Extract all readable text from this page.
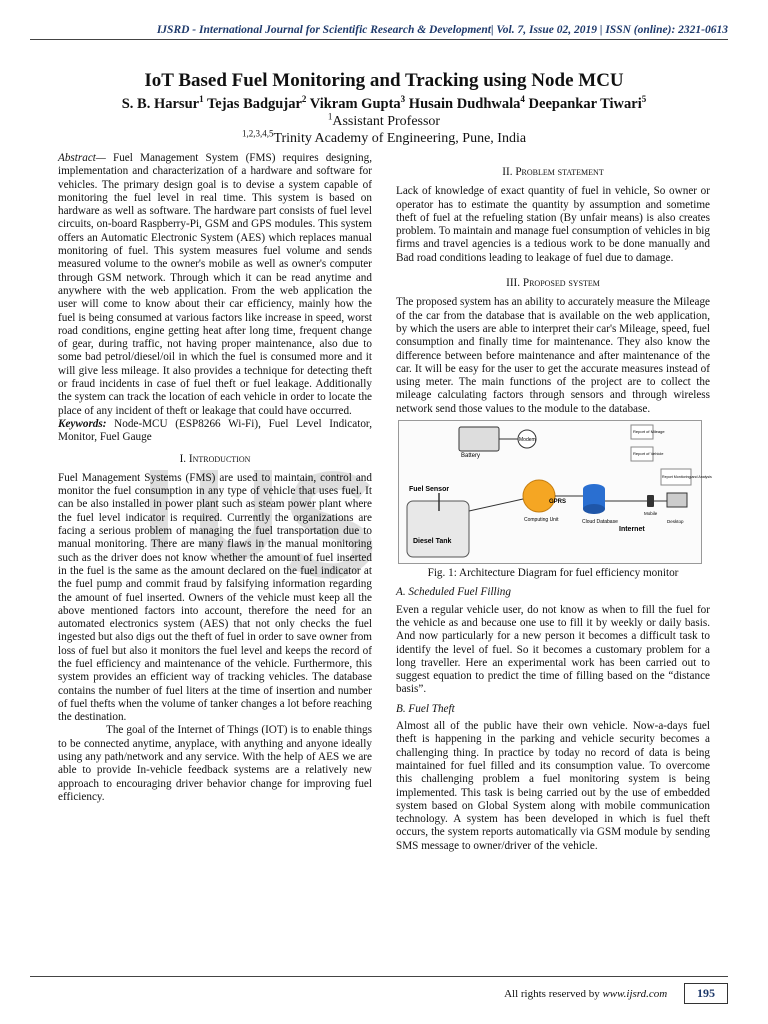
IJSRD - International Journal for Scientific Research & Development| Vol. 7, Issue 02, 2019 | ISSN (online): 2321-0613
IoT Based Fuel Monitoring and Tracking using Node MCU
S. B. Harsur$^1$ Tejas Badgujar$^2$ Vikram Gupta$^3$ Husain Dudhwala$^4$ Deepankar Tiwari$^5$
$^1$Assistant Professor
$^{1,2,3,4,5}$Trinity Academy of Engineering, Pune, India

Abstract— Fuel Management System (FMS) requires designing, implementation and characterization of a hardware and software for vehicles. The primary design goal is to devise a system capable of monitoring the fuel level in real time. This system is based on hardware as well as software. The hardware part consists of fuel level circuits, on-board Raspberry-Pi, GSM and GPS modules. This system offers an Automatic Electronic System (AES) which replaces manual monitoring of fuel. This system measures fuel volume and sends measured volume to the owner's mobile as well as owner's computer through GSM network. Through which it can be read anytime and anywhere with the web application. From the web application the user will come to know about their car efficiency, mainly how the fuel is being consumed at various factors like increase in speed, worst road conditions, engine getting heat after long time, frequent change of gear, during traffic, not having proper maintenance, also due to some bad petrol/diesel/oil in which the fuel is consumed more and it will give less mileage. It also provides a technique for detecting theft or fraud incidents in case of fuel theft or fuel leakage. Additionally the system can track the location of each vehicle in order to locate the place of any incident of theft or leakage that could have occurred.

Keywords: Node-MCU (ESP8266 Wi-Fi), Fuel Level Indicator, Monitor, Fuel Gauge

I. Introduction

Fuel Management Systems (FMS) are used to maintain, control and monitor the fuel consumption in any type of vehicle that uses fuel. It can be also installed in power plant such as steam power plant where the fuel level indicator is required. Currently the organizations are facing a serious problem of managing the fuel transportation due to manual monitoring. There are many flaws in the manual monitoring such as the driver does not know whether the amount of fuel inserted in the fuel is the same as the amount declared on the fuel indicator at the fuel pump and commit fraud by falsifying information regarding the amount of fuel inserted. Owners of the vehicle must keep all the above mentioned factors into account, therefore the need for an automated electronics system (AES) that not only checks the fuel ingested but also digs out the theft of fuel in order to save owner from loss of fuel but also it monitors the fuel level and keeps the record of the fuel efficiency and maintenance of the vehicle. Furthermore, this system provides an efficient way of tracking vehicles. The database contains the number of fuel liters at the time of insertion and number of fuel thefts when the volume of tanker changes a lot before reaching the destination.

The goal of the Internet of Things (IOT) is to enable things to be connected anytime, anyplace, with anything and anyone ideally using any path/network and any service. With the help of AES we are able to provide In-vehicle feedback systems are a relatively new approach to encouraging driver behavior change for improving fuel efficiency.

II. Problem statement

Lack of knowledge of exact quantity of fuel in vehicle, So owner or operator has to estimate the quantity by assumption and sometime theft of fuel at the refueling station (By unfair means) is also creates problem. To maintain and manage fuel consumption of vehicles in big firms and travel agencies is a tedious work to be done manually and Bad road conditions leading to leakage of fuel due to damage.

III. Proposed system

The proposed system has an ability to accurately measure the Mileage of the car from the database that is available on the web application, by which the users are able to interpret their car's Mileage, speed, fuel consumption and finally time for maintenance. They also know the difference between before maintenance and after maintenance of the car. It will be easy for the user to get the accurate measures instead of using meter. The main functions of the project are to collect the mileage calculating factors through sensors and through wireless network send those values to the module to the database.

Battery
Diesel Tank
Fuel Sensor
Computing Unit
Modem
GPRS
Cloud Database
Internet
Report of Mileage
Report of Vehicle
Report Monitoring and Analysis
Mobile
Desktop
Fig. 1: Architecture Diagram for fuel efficiency monitor
A. Scheduled Fuel Filling

Even a regular vehicle user, do not know as when to fill the fuel for the vehicle as and because one use to fill it by weekly or daily basis. And now particularly for a new person it becomes a difficult task to identify the level of fuel. So it becomes a customary problem for a long traveller. Here an experimental work has been carried out to suggest equation to predict the time of filling based on the “distance basis”.

B. Fuel Theft

Almost all of the public have their own vehicle. Now-a-days fuel theft is happening in the parking and vehicle security becomes a challenging thing. In practice by today no record of data is being maintained for fuel filled and its consumption value. To overcome this challenging problem a fuel monitoring system is being implemented. This task is being carried out by the use of embedded system based on Global System along with mobile communication technology. A system has been developed in which is fuel theft occurs, the system reports automatically via GSM module by sending SMS message to owner/driver of the vehicle.

All rights reserved by www.ijsrd.com 195
